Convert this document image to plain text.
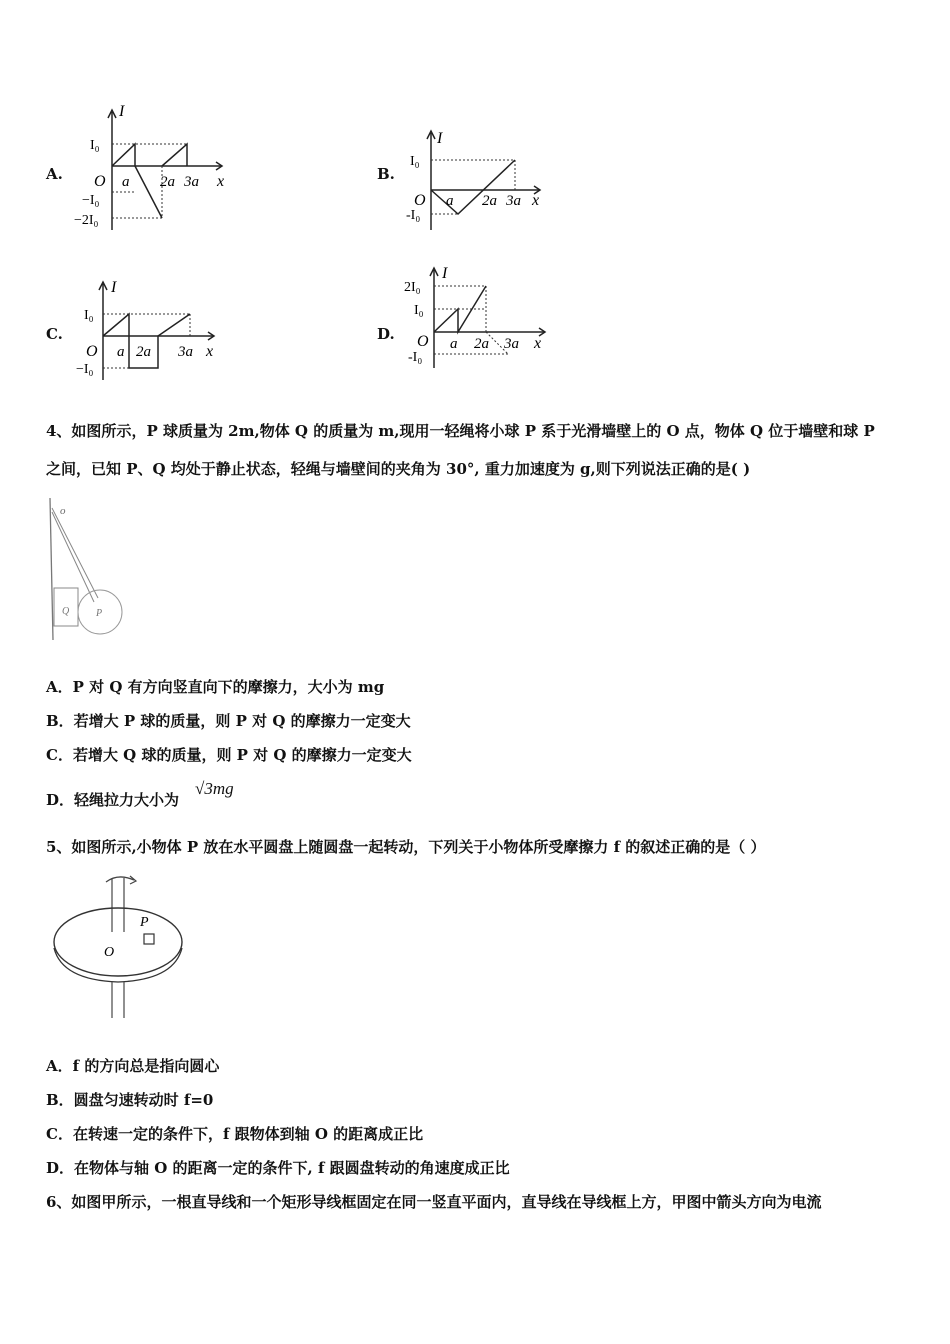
A.
I
x
O
I₀
−I₀
−2I₀
a 2a 3a	B.
I
x
O
I₀
-I₀
a 2a 3a
C.
I
x
O
I₀
−I₀
a 2a 3a
D.
I
x
O
2I₀
I₀
-I₀
a 2a 3a
4、如图所示，P 球质量为 2m,物体 Q 的质量为 m,现用一轻绳将小球 P 系于光滑墙壁上的 O 点，物体 Q 位于墙壁和球 P
之间，已知 P、Q 均处于静止状态，轻绳与墙壁间的夹角为 30°, 重力加速度为 g,则下列说法正确的是( )
o
Q	P
A．P 对 Q 有方向竖直向下的摩擦力，大小为 mg
B．若增大 P 球的质量，则 P 对 Q 的摩擦力一定变大
C．若增大 Q 球的质量，则 P 对 Q 的摩擦力一定变大
D．轻绳拉力大小为
√3mg
5、如图所示,小物体 P 放在水平圆盘上随圆盘一起转动，下列关于小物体所受摩擦力 f 的叙述正确的是（ ）
P
O
A．f 的方向总是指向圆心
B．圆盘匀速转动时 f=0
C．在转速一定的条件下，f 跟物体到轴 O 的距离成正比
D．在物体与轴 O 的距离一定的条件下, f 跟圆盘转动的角速度成正比
6、如图甲所示，一根直导线和一个矩形导线框固定在同一竖直平面内，直导线在导线框上方，甲图中箭头方向为电流
